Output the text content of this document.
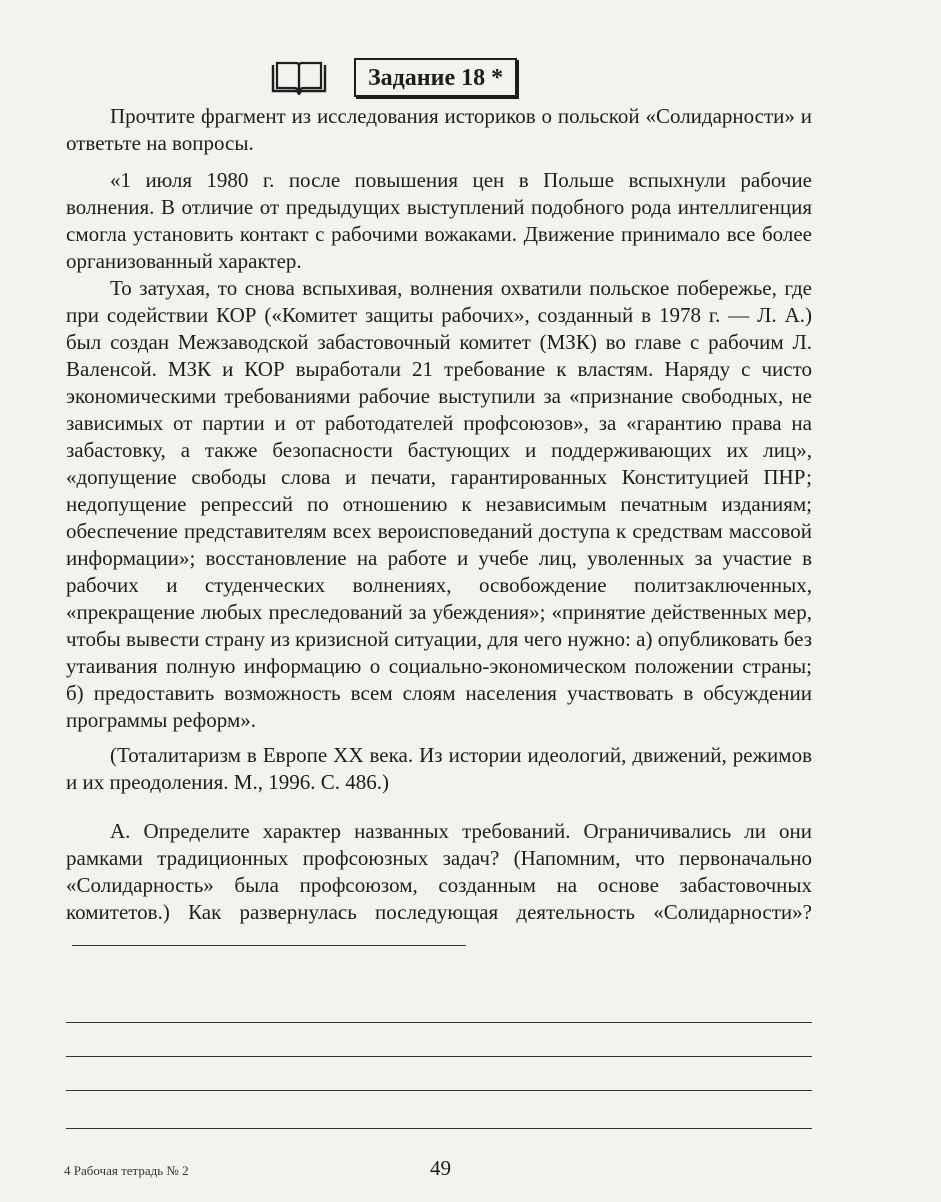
Задание 18 *

Прочтите фрагмент из исследования историков о польской «Солидарности» и ответьте на вопросы.

«1 июля 1980 г. после повышения цен в Польше вспыхнули рабочие волнения. В отличие от предыдущих выступлений подобного рода интеллигенция смогла установить контакт с рабочими вожаками. Движение принимало все более организованный характер.

То затухая, то снова вспыхивая, волнения охватили польское побережье, где при содействии КОР («Комитет защиты рабочих», созданный в 1978 г. — Л. А.) был создан Межзаводской забастовочный комитет (МЗК) во главе с рабочим Л. Валенсой. МЗК и КОР выработали 21 требование к властям. Наряду с чисто экономическими требованиями рабочие выступили за «признание свободных, не зависимых от партии и от работодателей профсоюзов», за «гарантию права на забастовку, а также безопасности бастующих и поддерживающих их лиц», «допущение свободы слова и печати, гарантированных Конституцией ПНР; недопущение репрессий по отношению к независимым печатным изданиям; обеспечение представителям всех вероисповеданий доступа к средствам массовой информации»; восстановление на работе и учебе лиц, уволенных за участие в рабочих и студенческих волнениях, освобождение политзаключенных, «прекращение любых преследований за убеждения»; «принятие действенных мер, чтобы вывести страну из кризисной ситуации, для чего нужно: а) опубликовать без утаивания полную информацию о социально-экономическом положении страны; б) предоставить возможность всем слоям населения участвовать в обсуждении программы реформ».

(Тоталитаризм в Европе XX века. Из истории идеологий, движений, режимов и их преодоления. М., 1996. С. 486.)

А. Определите характер названных требований. Ограничивались ли они рамками традиционных профсоюзных задач? (Напомним, что первоначально «Солидарность» была профсоюзом, созданным на основе забастовочных комитетов.) Как развернулась последующая деятельность «Солидарности»?

4 Рабочая тетрадь № 2	49
